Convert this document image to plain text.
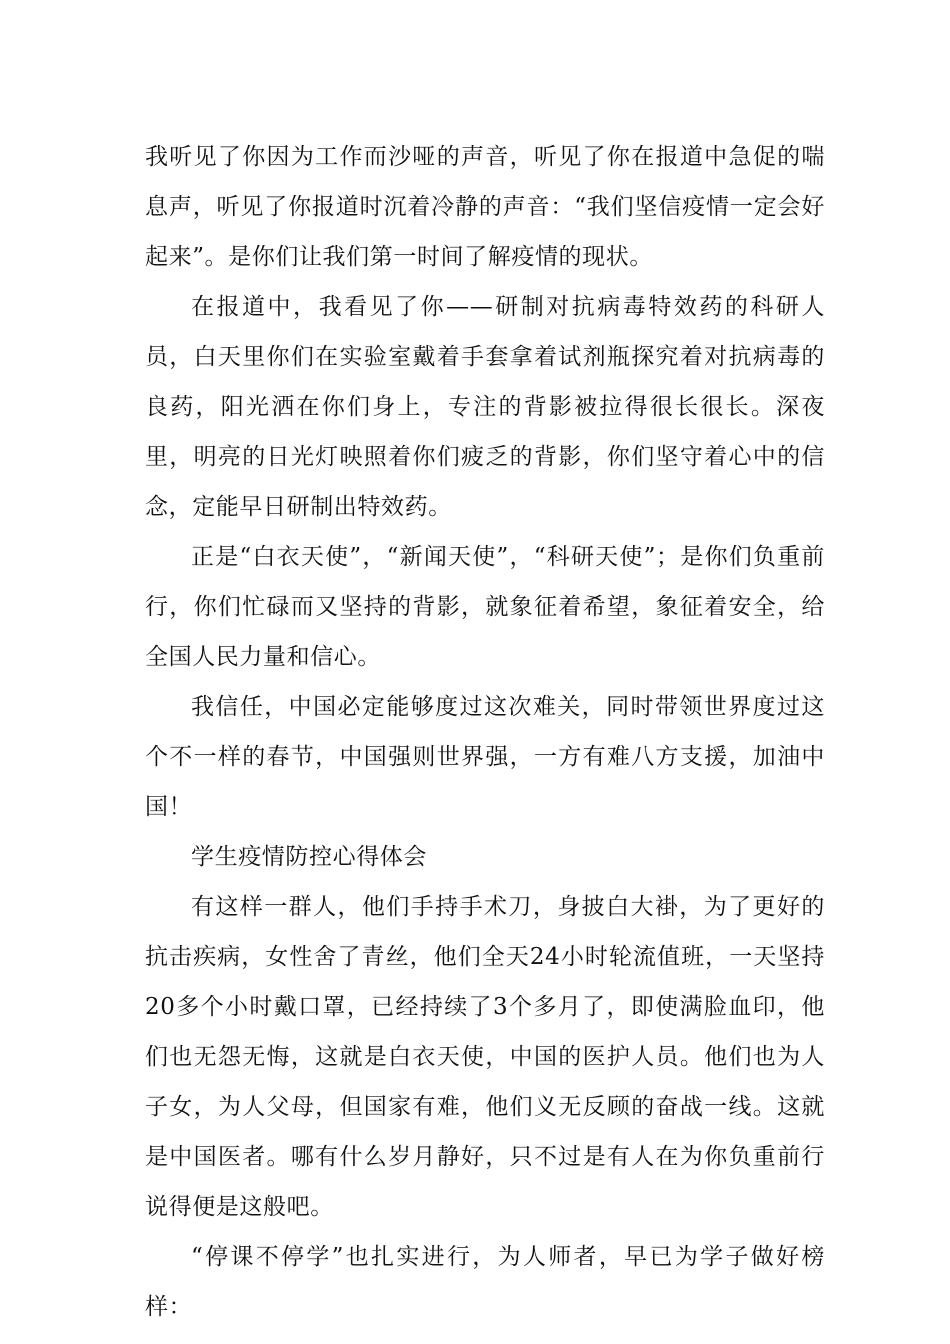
我听见了你因为工作而沙哑的声音，听见了你在报道中急促的喘息声，听见了你报道时沉着冷静的声音：“我们坚信疫情一定会好起来”。是你们让我们第一时间了解疫情的现状。

在报道中，我看见了你——研制对抗病毒特效药的科研人员，白天里你们在实验室戴着手套拿着试剂瓶探究着对抗病毒的良药，阳光洒在你们身上，专注的背影被拉得很长很长。深夜里，明亮的日光灯映照着你们疲乏的背影，你们坚守着心中的信念，定能早日研制出特效药。

正是“白衣天使”，“新闻天使”，“科研天使”；是你们负重前行，你们忙碌而又坚持的背影，就象征着希望，象征着安全，给全国人民力量和信心。

我信任，中国必定能够度过这次难关，同时带领世界度过这个不一样的春节，中国强则世界强，一方有难八方支援，加油中国！

学生疫情防控心得体会

有这样一群人，他们手持手术刀，身披白大褂，为了更好的抗击疾病，女性舍了青丝，他们全天24小时轮流值班，一天坚持20多个小时戴口罩，已经持续了3个多月了，即使满脸血印，他们也无怨无悔，这就是白衣天使，中国的医护人员。他们也为人子女，为人父母，但国家有难，他们义无反顾的奋战一线。这就是中国医者。哪有什么岁月静好，只不过是有人在为你负重前行说得便是这般吧。

“停课不停学”也扎实进行，为人师者，早已为学子做好榜样：
